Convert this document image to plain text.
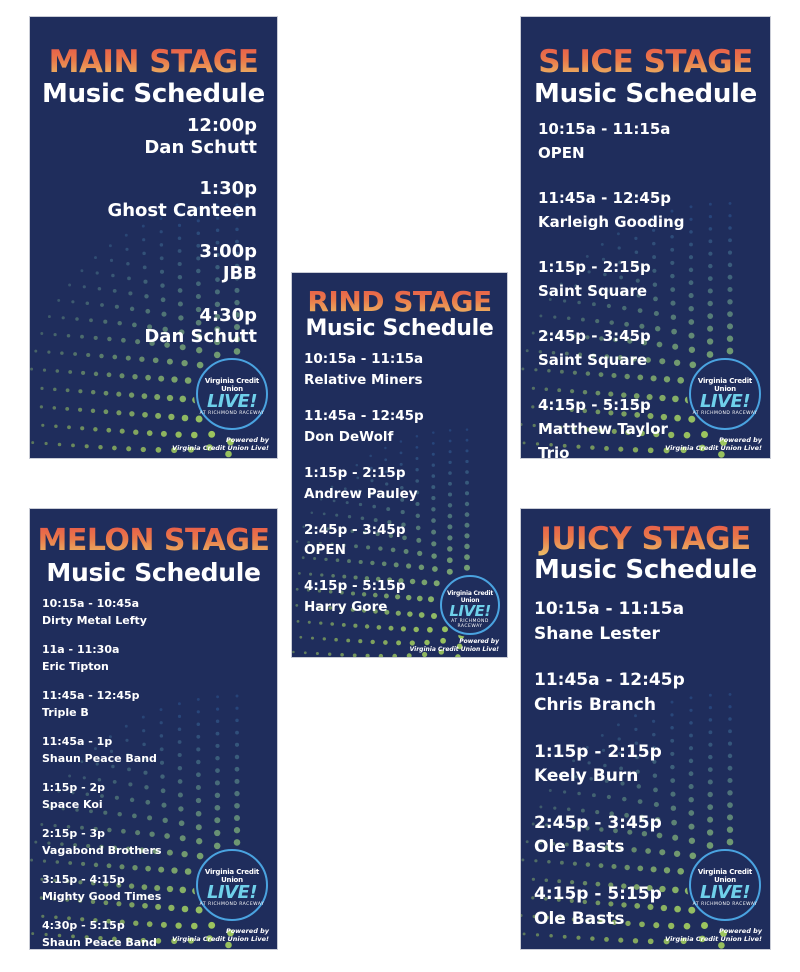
MAIN STAGE
Music Schedule
12:00p
Dan Schutt
1:30p
Ghost Canteen
3:00p
JBB
4:30p
Dan Schutt
Virginia Credit Union
LIVE!
AT RICHMOND RACEWAY
Powered by
Virginia Credit Union Live!
SLICE STAGE
Music Schedule
10:15a - 11:15a
OPEN
11:45a - 12:45p
Karleigh Gooding
1:15p - 2:15p
Saint Square
2:45p - 3:45p
Saint Square
4:15p - 5:15p
Matthew Taylor
Trio
Virginia Credit Union
LIVE!
AT RICHMOND RACEWAY
Powered by
Virginia Credit Union Live!
RIND STAGE
Music Schedule
10:15a - 11:15a
Relative Miners
11:45a - 12:45p
Don DeWolf
1:15p - 2:15p
Andrew Pauley
2:45p - 3:45p
OPEN
4:15p - 5:15p
Harry Gore
Virginia Credit Union
LIVE!
AT RICHMOND RACEWAY
Powered by
Virginia Credit Union Live!
MELON STAGE
Music Schedule
10:15a - 10:45a
Dirty Metal Lefty
11a - 11:30a
Eric Tipton
11:45a - 12:45p
Triple B
11:45a - 1p
Shaun Peace Band
1:15p - 2p
Space Koi
2:15p - 3p
Vagabond Brothers
3:15p - 4:15p
Mighty Good Times
4:30p - 5:15p
Shaun Peace Band
Virginia Credit Union
LIVE!
AT RICHMOND RACEWAY
Powered by
Virginia Credit Union Live!
JUICY STAGE
Music Schedule
10:15a - 11:15a
Shane Lester
11:45a - 12:45p
Chris Branch
1:15p - 2:15p
Keely Burn
2:45p - 3:45p
Ole Basts
4:15p - 5:15p
Ole Basts
Virginia Credit Union
LIVE!
AT RICHMOND RACEWAY
Powered by
Virginia Credit Union Live!
